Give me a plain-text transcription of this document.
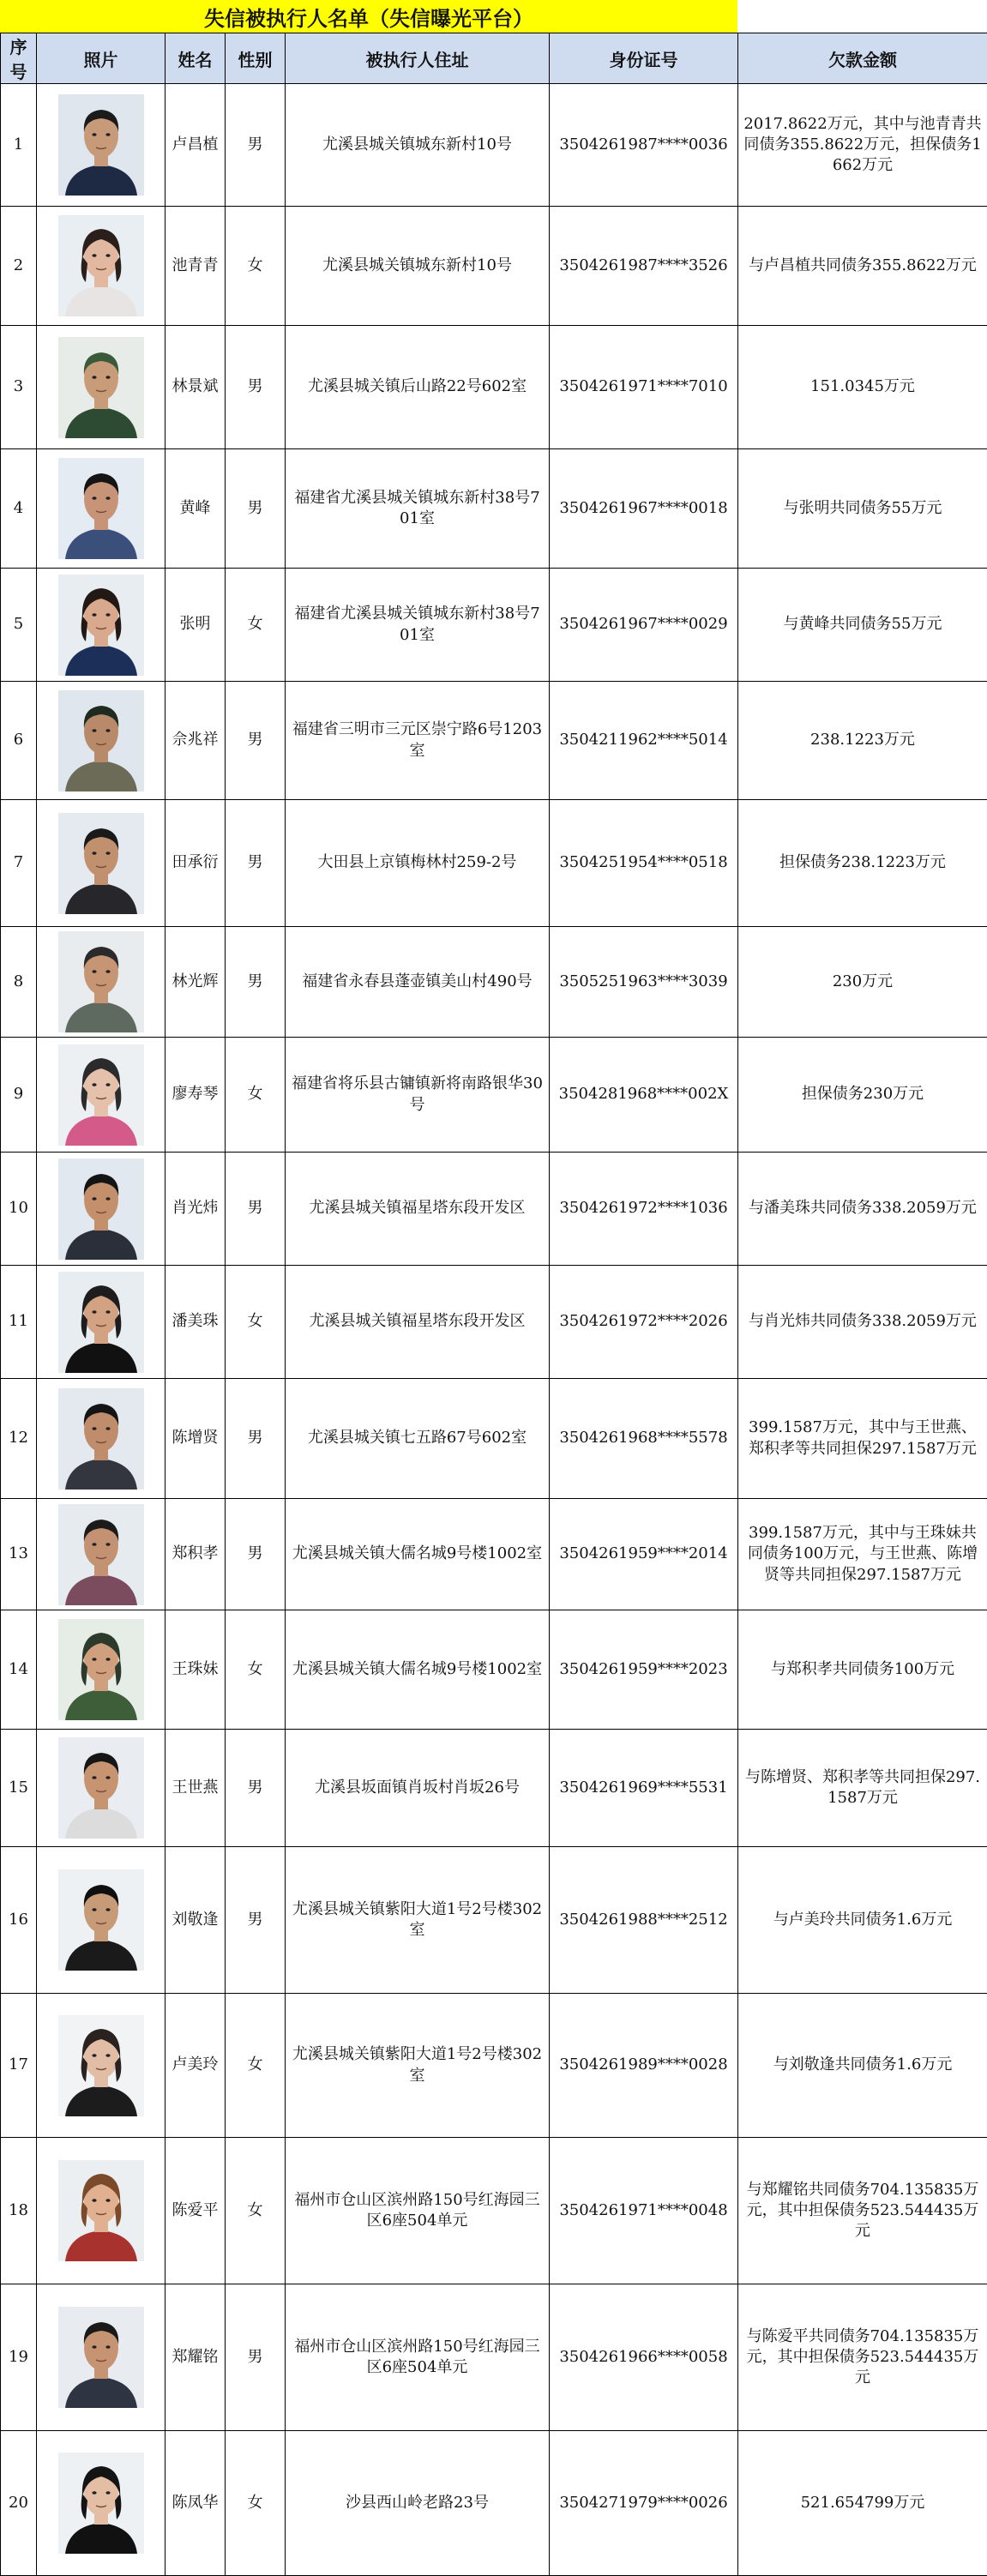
失信被执行人名单（失信曝光平台）
序号	照片	姓名	性别	被执行人住址	身份证号	欠款金额
1		卢昌植	男	尤溪县城关镇城东新村10号	3504261987****0036	2017.8622万元，其中与池青青共同债务355.8622万元，担保债务1662万元
2		池青青	女	尤溪县城关镇城东新村10号	3504261987****3526	与卢昌植共同债务355.8622万元
3		林景斌	男	尤溪县城关镇后山路22号602室	3504261971****7010	151.0345万元
4		黄峰	男	福建省尤溪县城关镇城东新村38号701室	3504261967****0018	与张明共同债务55万元
5		张明	女	福建省尤溪县城关镇城东新村38号701室	3504261967****0029	与黄峰共同债务55万元
6		佘兆祥	男	福建省三明市三元区崇宁路6号1203室	3504211962****5014	238.1223万元
7		田承衍	男	大田县上京镇梅林村259-2号	3504251954****0518	担保债务238.1223万元
8		林光辉	男	福建省永春县蓬壶镇美山村490号	3505251963****3039	230万元
9		廖寿琴	女	福建省将乐县古镛镇新将南路银华30号	3504281968****002X	担保债务230万元
10		肖光炜	男	尤溪县城关镇福星塔东段开发区	3504261972****1036	与潘美珠共同债务338.2059万元
11		潘美珠	女	尤溪县城关镇福星塔东段开发区	3504261972****2026	与肖光炜共同债务338.2059万元
12		陈增贤	男	尤溪县城关镇七五路67号602室	3504261968****5578	399.1587万元，其中与王世燕、郑积孝等共同担保297.1587万元
13		郑积孝	男	尤溪县城关镇大儒名城9号楼1002室	3504261959****2014	399.1587万元，其中与王珠妹共同债务100万元，与王世燕、陈增贤等共同担保297.1587万元
14		王珠妹	女	尤溪县城关镇大儒名城9号楼1002室	3504261959****2023	与郑积孝共同债务100万元
15		王世燕	男	尤溪县坂面镇肖坂村肖坂26号	3504261969****5531	与陈增贤、郑积孝等共同担保297.1587万元
16		刘敬逢	男	尤溪县城关镇紫阳大道1号2号楼302室	3504261988****2512	与卢美玲共同债务1.6万元
17		卢美玲	女	尤溪县城关镇紫阳大道1号2号楼302室	3504261989****0028	与刘敬逢共同债务1.6万元
18		陈爱平	女	福州市仓山区滨州路150号红海园三区6座504单元	3504261971****0048	与郑耀铭共同债务704.135835万元，其中担保债务523.544435万元
19		郑耀铭	男	福州市仓山区滨州路150号红海园三区6座504单元	3504261966****0058	与陈爱平共同债务704.135835万元，其中担保债务523.544435万元
20		陈凤华	女	沙县西山岭老路23号	3504271979****0026	521.654799万元
